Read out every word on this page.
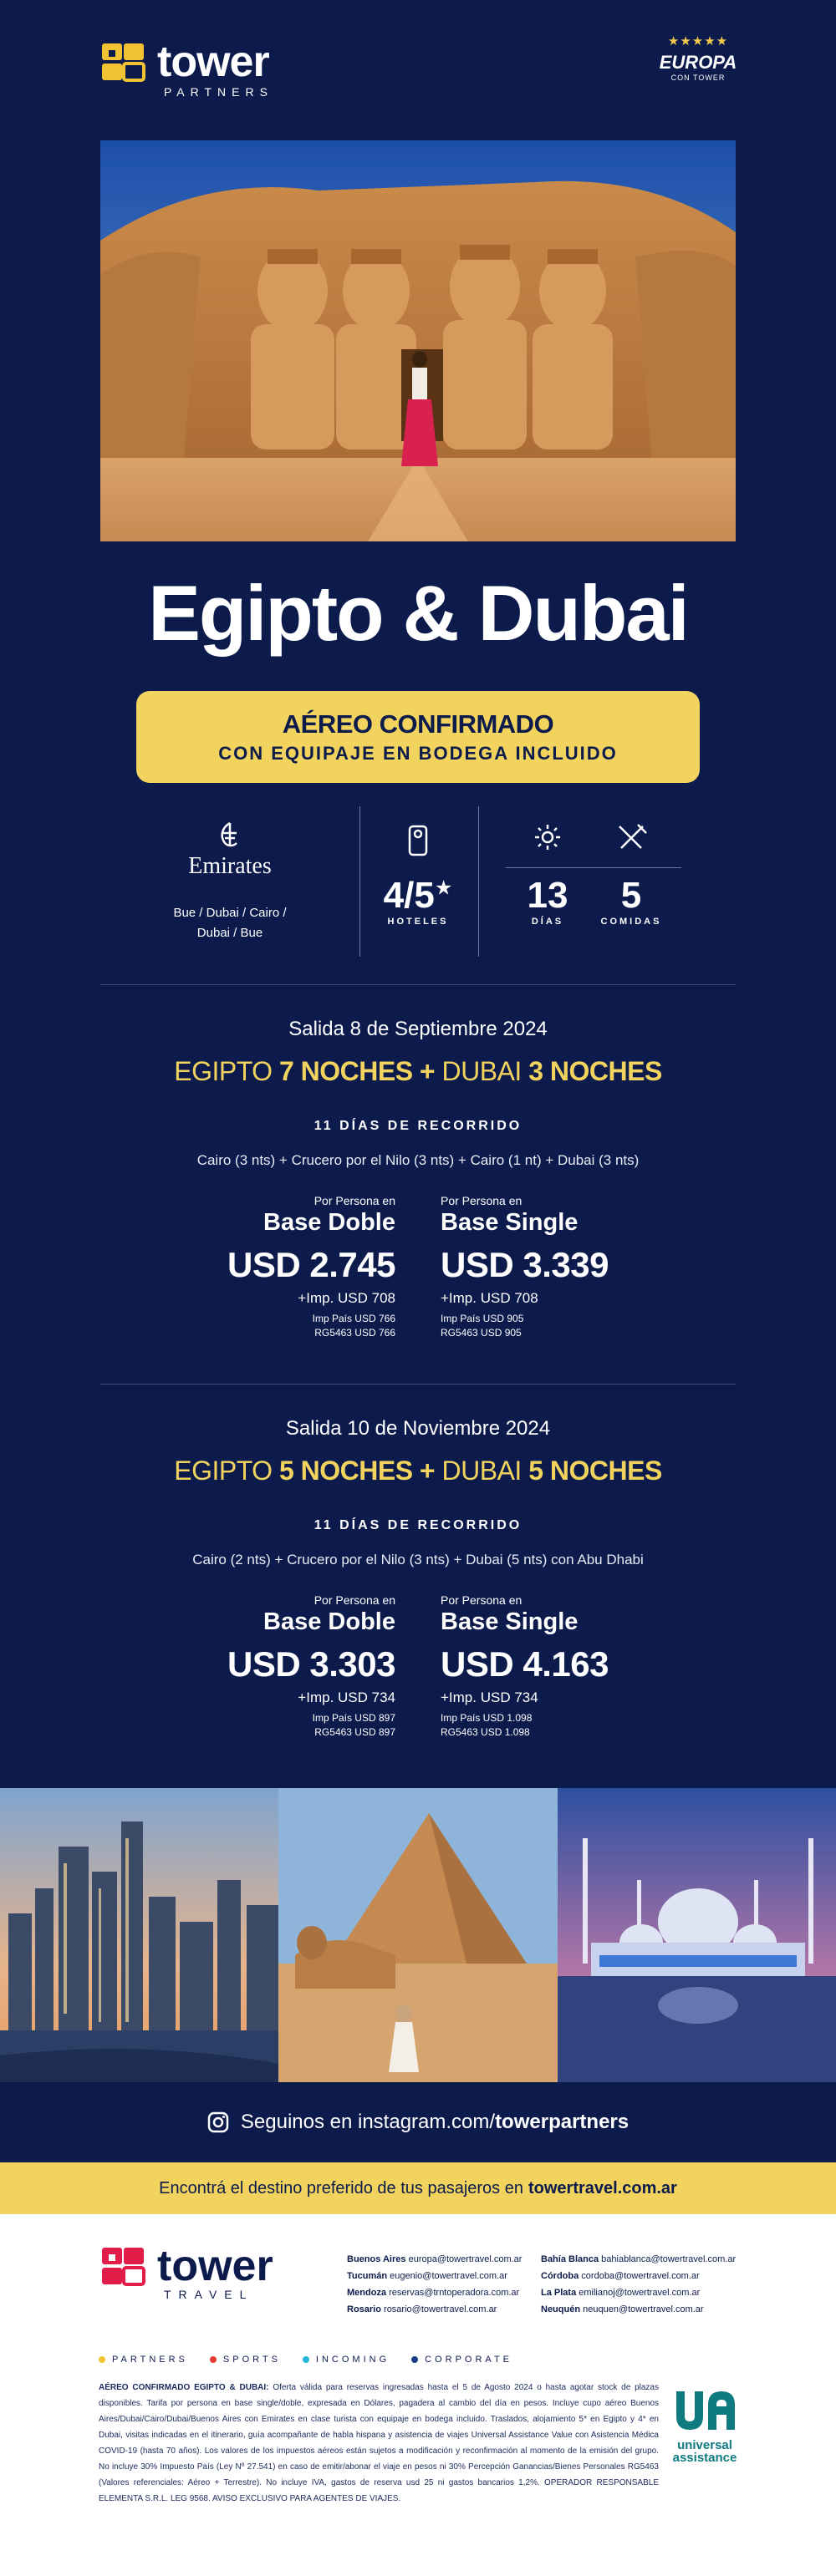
tower
PARTNERS
★★★★★
EUROPA
CON TOWER
Egipto & Dubai
AÉREO CONFIRMADO
CON EQUIPAJE EN BODEGA INCLUIDO
Emirates
Bue / Dubai / Cairo /
Dubai / Bue
4/5★
HOTELES
13
DÍAS
5
COMIDAS
Salida 8 de Septiembre 2024
EGIPTO 7 NOCHES + DUBAI 3 NOCHES
11 DÍAS DE RECORRIDO
Cairo (3 nts) + Crucero por el Nilo (3 nts) + Cairo (1 nt) + Dubai (3 nts)
Por Persona en
Base Doble
USD 2.745
+Imp. USD 708
Imp País USD 766
RG5463 USD 766
Por Persona en
Base Single
USD 3.339
+Imp. USD 708
Imp País USD 905
RG5463 USD 905
Salida 10 de Noviembre 2024
EGIPTO 5 NOCHES + DUBAI 5 NOCHES
11 DÍAS DE RECORRIDO
Cairo (2 nts) + Crucero por el Nilo (3 nts) + Dubai (5 nts) con Abu Dhabi
Por Persona en
Base Doble
USD 3.303
+Imp. USD 734
Imp País USD 897
RG5463 USD 897
Por Persona en
Base Single
USD 4.163
+Imp. USD 734
Imp País USD 1.098
RG5463 USD 1.098
Seguinos en instagram.com/towerpartners
Encontrá el destino preferido de tus pasajeros en towertravel.com.ar
tower
TRAVEL
Buenos Aires europa@towertravel.com.ar
Tucumán eugenio@towertravel.com.ar
Mendoza reservas@trntoperadora.com.ar
Rosario rosario@towertravel.com.ar
Bahía Blanca bahiablanca@towertravel.com.ar
Córdoba cordoba@towertravel.com.ar
La Plata emilianoj@towertravel.com.ar
Neuquén neuquen@towertravel.com.ar
PARTNERS	SPORTS	INCOMING	CORPORATE

AÉREO CONFIRMADO EGIPTO & DUBAI: Oferta válida para reservas ingresadas hasta el 5 de Agosto 2024 o hasta agotar stock de plazas disponibles. Tarifa por persona en base single/doble, expresada en Dólares, pagadera al cambio del día en pesos. Incluye cupo aéreo Buenos Aires/Dubai/Cairo/Dubai/Buenos Aires con Emirates en clase turista con equipaje en bodega incluido. Traslados, alojamiento 5* en Egipto y 4* en Dubai, visitas indicadas en el itinerario, guía acompañante de habla hispana y asistencia de viajes Universal Assistance Value con Asistencia Médica COVID-19 (hasta 70 años). Los valores de los impuestos aéreos están sujetos a modificación y reconfirmación al momento de la emisión del grupo. No incluye 30% Impuesto País (Ley Nº 27.541) en caso de emitir/abonar el viaje en pesos ni 30% Percepción Ganancias/Bienes Personales RG5463 (Valores referenciales: Aéreo + Terrestre). No incluye IVA, gastos de reserva usd 25 ni gastos bancarios 1,2%. OPERADOR RESPONSABLE ELEMENTA S.R.L. LEG 9568. AVISO EXCLUSIVO PARA AGENTES DE VIAJES.

universal
assistance
